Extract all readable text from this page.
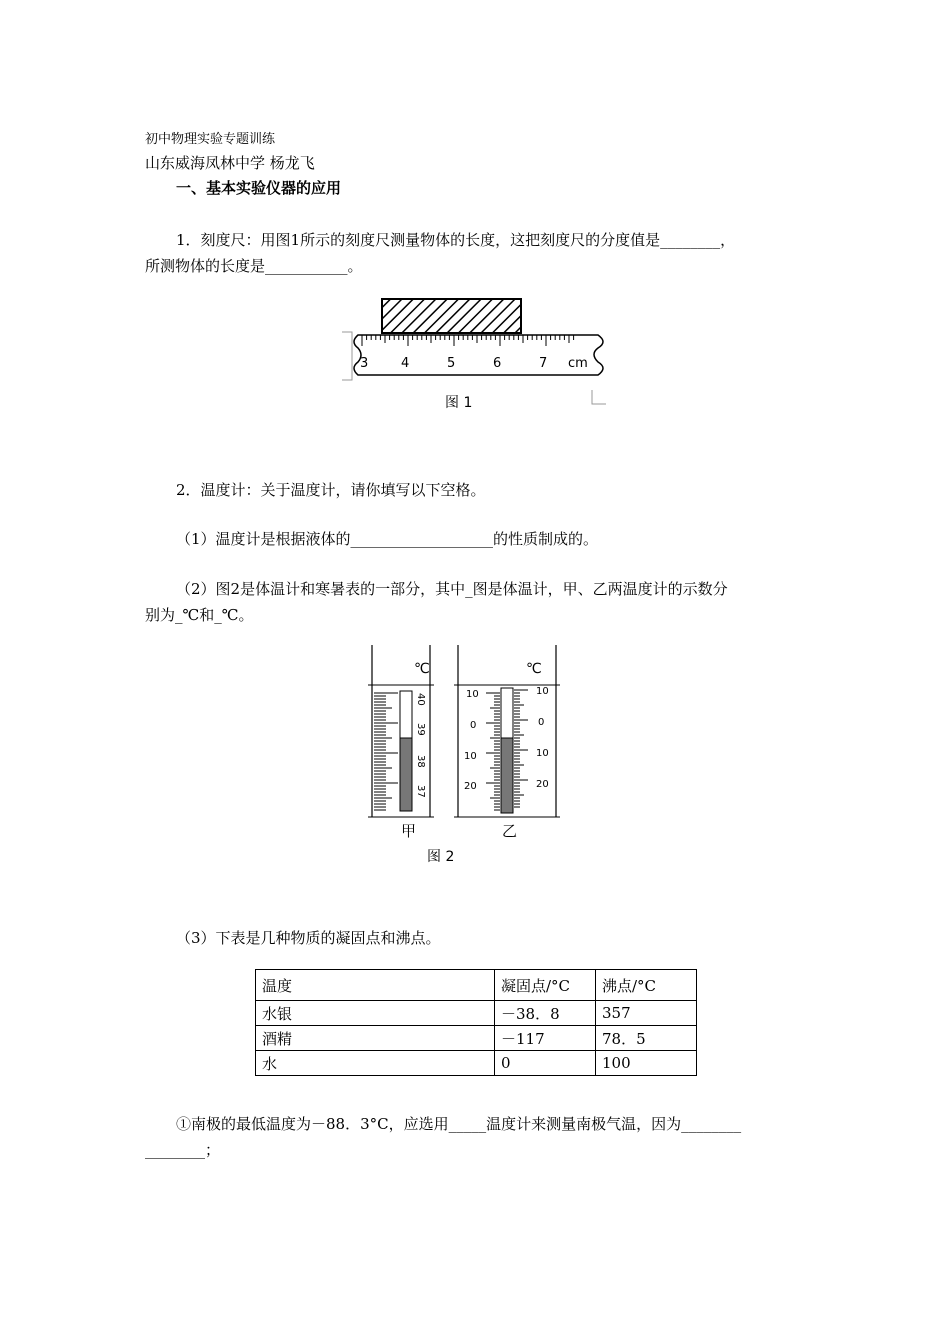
初中物理实验专题训练
山东威海凤林中学 杨龙飞
一、基本实验仪器的应用
1．刻度尺：用图1所示的刻度尺测量物体的长度，这把刻度尺的分度值是________，
所测物体的长度是___________。
3	4	5	6	7 cm
图 1
2．温度计：关于温度计，请你填写以下空格。
（1）温度计是根据液体的___________________的性质制成的。
（2）图2是体温计和寒暑表的一部分，其中_图是体温计，甲、乙两温度计的示数分
别为_℃和_℃。
℃
40
39
38
37
甲
℃
10
0
10
20
10
0
10
20
乙
图 2
（3）下表是几种物质的凝固点和沸点。
温度	凝固点/°C	沸点/°C
水银	－38．8	357
酒精	－117	78．5
水	0	100
①南极的最低温度为－88．3°C，应选用_____温度计来测量南极气温，因为________
________；
